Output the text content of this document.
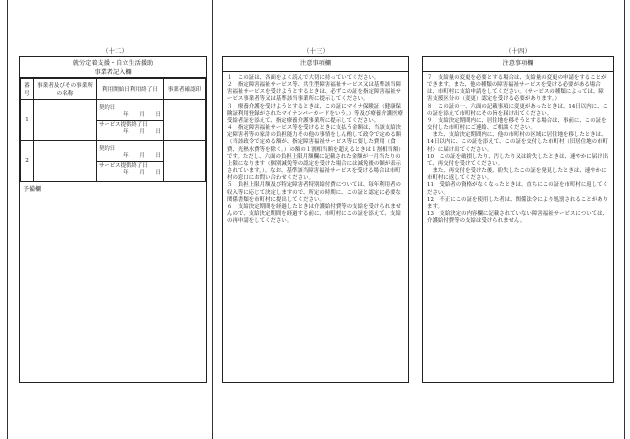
（十二）
就労定着支援・自立生活援助
事業者記入欄
番号	事業者及びその事業所の名称	利用開始日利用終了日	事業者確認印
1		契約日
年　　月　　日
サービス提供終了日
年　　月　　日	

2		契約日
年　　月　　日
サービス提供終了日
年　　月　　日	

予備欄
（十三）
注意事項欄

１　この証は、各面をよく読んで大切に持っていてください。

２　指定障害福祉サービス等、共生型障害福祉サービス又は基準該当障害福祉サービスを受けようとするときは、必ずこの証を指定障害福祉サービス事業者等又は基準該当事業所に提示してください。

３　療養介護を受けようとするときは、この証にマイナ保険証（健康保険証利用登録がされたマイナンバーカードをいう。）等及び療養介護医療受給者証を添えて、指定療養介護事業所に提示してください。

４　指定障害福祉サービス等を受けるときに支払う金額は、当該支給決定障害者等の家計の負担能力その他の事情をしん酌して政令で定める額（当該政令で定める額が、指定障害福祉サービス等に要した費用（食費、光熱水費等を除く。）の額の１割相当額を超えるときは１割相当額）です。ただし、六面の負担上限月額欄に記載された金額が一月当たりの上限になります（個別減免等の認定を受けた場合には減免後の額が表示されています。）。なお、基準該当障害福祉サービスを受ける場合は市町村の窓口にお問い合わせください。

５　負担上限月額及び特定障害者特別給付費については、毎年利用者の収入等に応じて決定しますので、所定の時期に、この証と認定に必要な関係書類を市町村に提出してください。

６　支給決定期間を経過したときは介護給付費等の支給を受けられませんので、支給決定期間を経過する前に、市町村にこの証を添えて、支給の再申請をしてください。

（十四）
注意事項欄

７　支給量の変更を必要とする場合は、支給量の変更の申請をすることができます。また、他の種類の障害福祉サービスを受ける必要がある場合は、市町村に支給申請をしてください。（サービスの種類によっては、障害支援区分の（変更）認定を受ける必要があります。）

８　この証の一、六面の記載事項に変更があったときは、14日以内に、この証を添えて市町村にその旨を届け出てください。

９　支給決定期間内に、居住地を移そうとする場合は、事前に、この証を交付した市町村にご連絡、ご相談ください。

　また、支給決定期間内に、他の市町村の区域に居住地を移したときは、14日以内に、この証を添えて、この証を交付した市町村（旧居住地の市町村）に届け出てください。

10　この証を破損したり、汚したり又は紛失したときは、速やかに届け出て、再交付を受けてください。

　また、再交付を受けた後、紛失したこの証を発見したときは、速やかに市町村に返してください。

11　受給者の資格がなくなったときは、直ちにこの証を市町村に返してください。

12　不正にこの証を使用した者は、関係法令により処罰されることがあります。

13　支給決定の内容欄に記載されていない障害福祉サービスについては、介護給付費等の支給は受けられません。
